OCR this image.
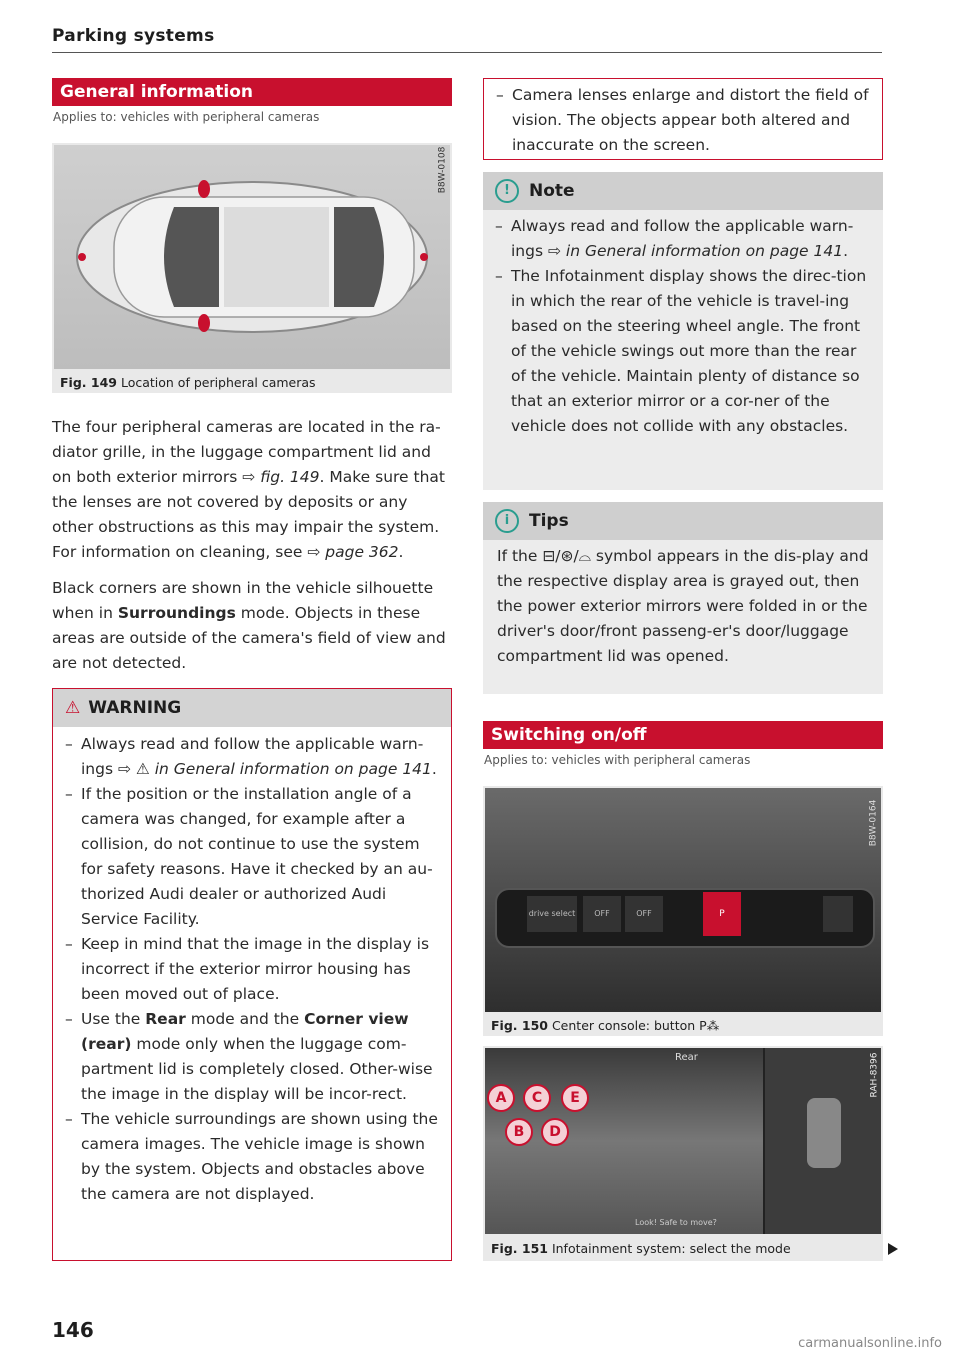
Parking systems
General information
Applies to: vehicles with peripheral cameras
B8W-0108
Fig. 149 Location of peripheral cameras
The four peripheral cameras are located in the ra-diator grille, in the luggage compartment lid and on both exterior mirrors ⇨ fig. 149. Make sure that the lenses are not covered by deposits or any other obstructions as this may impair the system. For information on cleaning, see ⇨ page 362.
Black corners are shown in the vehicle silhouette when in Surroundings mode. Objects in these areas are outside of the camera's field of view and are not detected.
⚠ WARNING
– Always read and follow the applicable warn-ings ⇨ ⚠ in General information on page 141.
– If the position or the installation angle of a camera was changed, for example after a collision, do not continue to use the system for safety reasons. Have it checked by an au-thorized Audi dealer or authorized Audi Service Facility.
– Keep in mind that the image in the display is incorrect if the exterior mirror housing has been moved out of place.
– Use the Rear mode and the Corner view (rear) mode only when the luggage com-partment lid is completely closed. Other-wise the image in the display will be incor-rect.
– The vehicle surroundings are shown using the camera images. The vehicle image is shown by the system. Objects and obstacles above the camera are not displayed.
– Camera lenses enlarge and distort the field of vision. The objects appear both altered and inaccurate on the screen.
! Note
– Always read and follow the applicable warn-ings ⇨ in General information on page 141.
– The Infotainment display shows the direc-tion in which the rear of the vehicle is travel-ing based on the steering wheel angle. The front of the vehicle swings out more than the rear of the vehicle. Maintain plenty of distance so that an exterior mirror or a cor-ner of the vehicle does not collide with any obstacles.
i Tips
If the ⊟/⊛/⌓ symbol appears in the dis-play and the respective display area is grayed out, then the power exterior mirrors were folded in or the driver's door/front passeng-er's door/luggage compartment lid was opened.
Switching on/off
Applies to: vehicles with peripheral cameras
drive select	OFF	OFF	P
B8W-0164
Fig. 150 Center console: button P⁂
Rear
A	C	E
B	D
Look! Safe to move?
RAH-8396
Fig. 151 Infotainment system: select the mode
146
carmanualsonline.info
